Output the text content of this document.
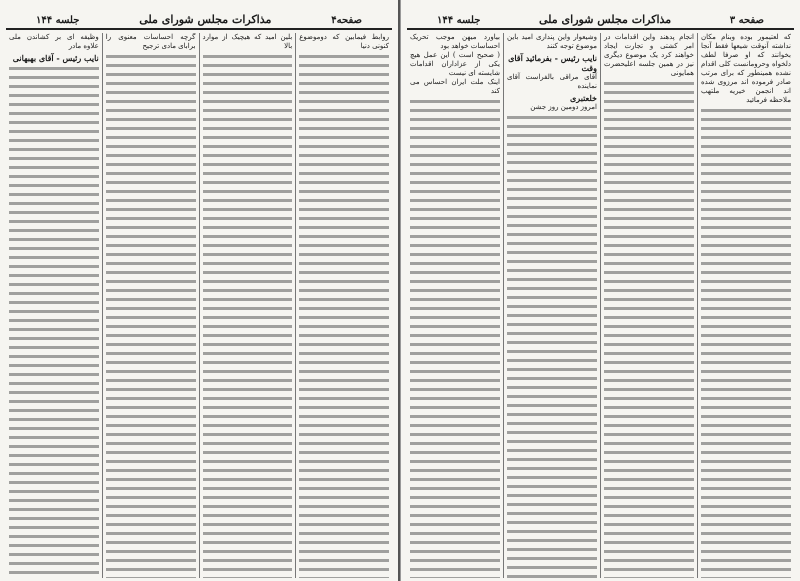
صفحه۴
مذاکرات مجلس شورای ملی
جلسه ۱۴۴

روابط فیمابین که دوموضوع کنونی دنیا

بلین امید که هیچیک از موارد بالا

گرچه احساسات معنوی را برابای مادی ترجیح

وظیفه ای بر کشاندن ملی علاوه مادر

نایب رئیس - آقای بهبهانی

صفحه ۳
مذاکرات مجلس شورای ملی
جلسه ۱۴۴

که لعتیمور بوده وبنام مکان نداشته آنوقت شیعها فقط آنجا بخوانند که او صرفا لطف دلخواه وحرومانست کلی اقدام نشده همینطور که برای مرتب صادر فرموده اند مرزوی شده اند انجمن خیریه ملتهب ملاحظه فرمائید

انجام پدهند واین اقدامات در امر کشتی و تجارت ایجاد خواهند کرد یک موضوع دیگری نیز در همین جلسه اعلیحضرت همایونی

وشیعوار واین پنداری امید باین موضوع توجه کنند

نایب رئیس - بفرمائید آقای وقت

آقای مراقی بالفراست آقای نماینده

خلعتبری

امروز دومین روز جشن

بیاورد میهن موجب تحریک احساسات خواهد بود

( صحیح است ) این عمل هیچ یکی از عزاداران اقدامات شایسته ای نیست

اینک ملت ایران احساس می کند
